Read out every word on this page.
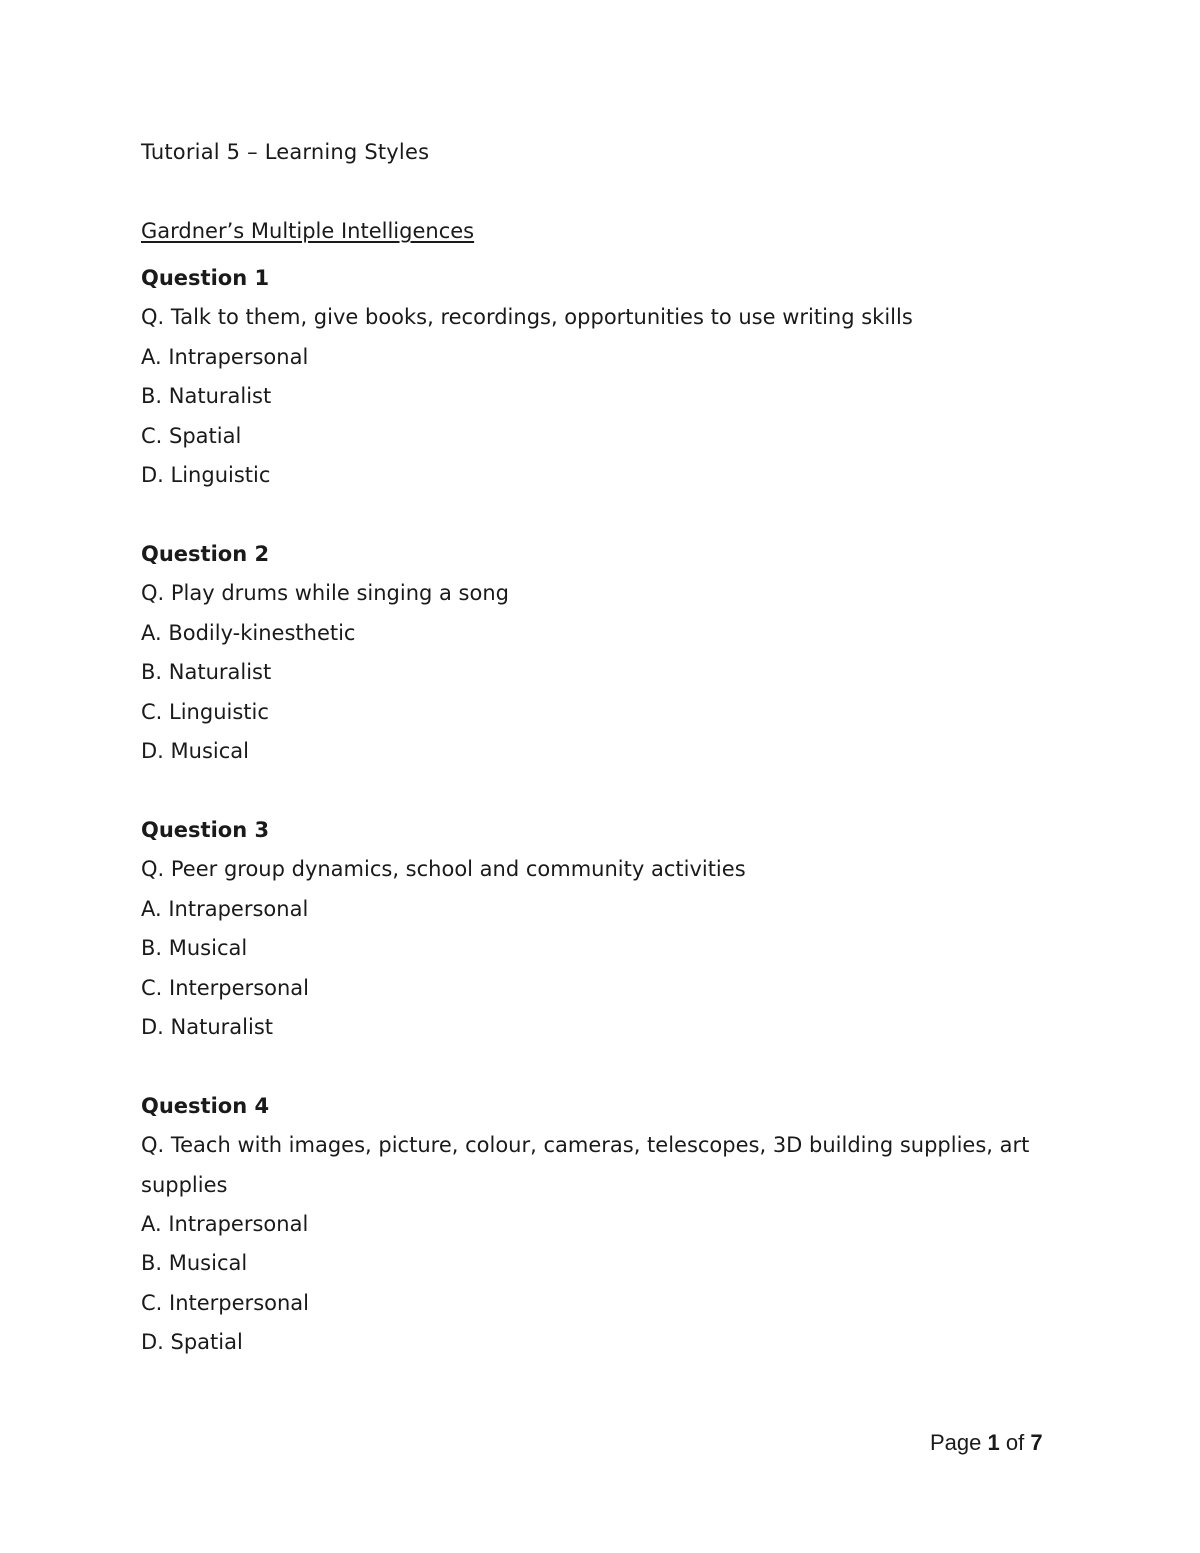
Tutorial 5 – Learning Styles
Gardner’s Multiple Intelligences
Question 1
Q. Talk to them, give books, recordings, opportunities to use writing skills
A. Intrapersonal
B. Naturalist
C. Spatial
D. Linguistic
Question 2
Q. Play drums while singing a song
A. Bodily-kinesthetic
B. Naturalist
C. Linguistic
D. Musical
Question 3
Q. Peer group dynamics, school and community activities
A. Intrapersonal
B. Musical
C. Interpersonal
D. Naturalist
Question 4
Q. Teach with images, picture, colour, cameras, telescopes, 3D building supplies, art supplies
A. Intrapersonal
B. Musical
C. Interpersonal
D. Spatial
Page 1 of 7
